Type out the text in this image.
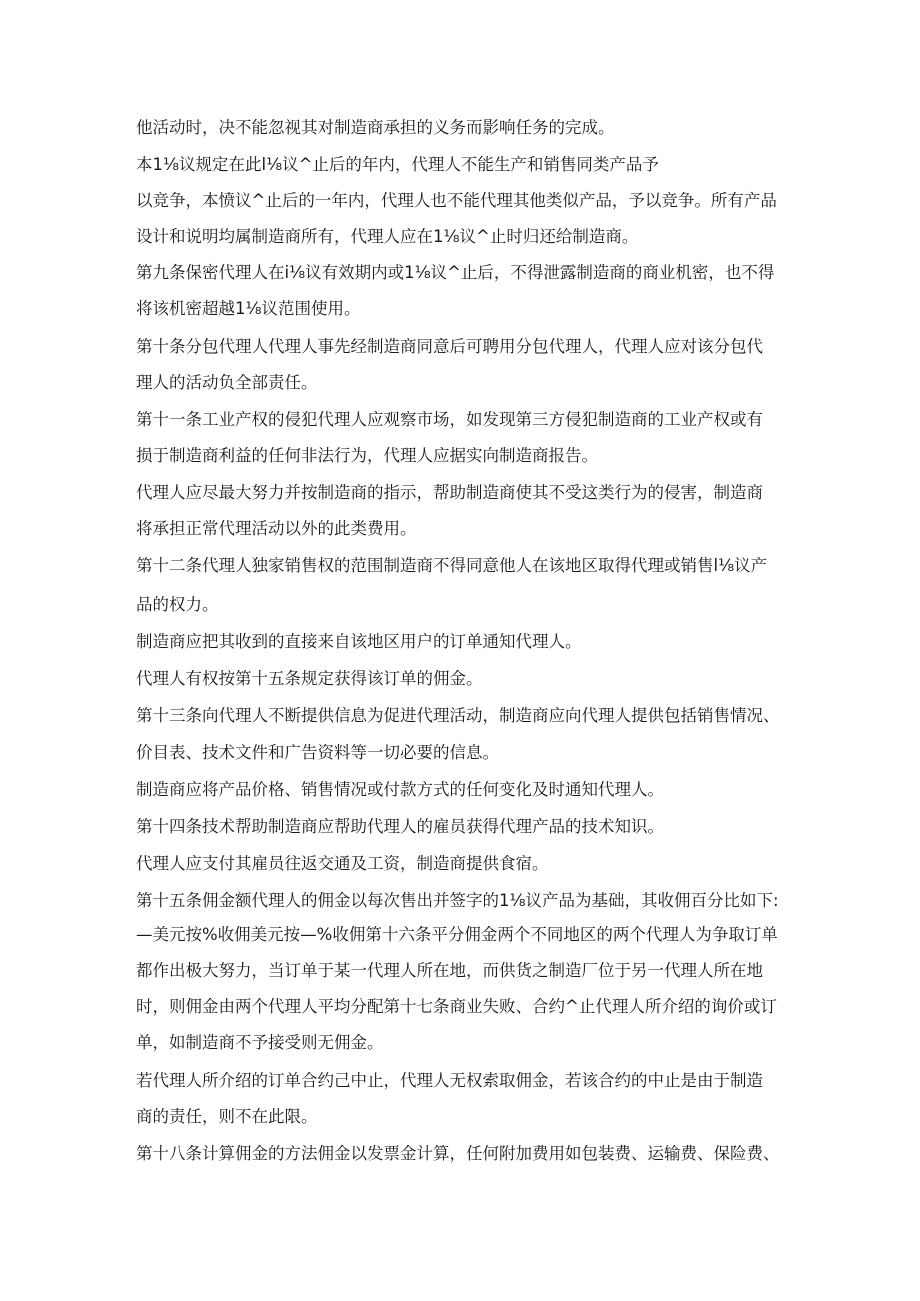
他活动时，决不能忽视其对制造商承担的义务而影响任务的完成。

本1⅛议规定在此l⅛议^止后的年内，代理人不能生产和销售同类产品予

以竞争，本愤议^止后的一年内，代理人也不能代理其他类似产品，予以竞争。所有产品

设计和说明均属制造商所有，代理人应在1⅛议^止时归还给制造商。

第九条保密代理人在i⅛议有效期内或1⅛议^止后，不得泄露制造商的商业机密，也不得

将该机密超越1⅛议范围使用。

第十条分包代理人代理人事先经制造商同意后可聘用分包代理人，代理人应对该分包代

理人的活动负全部责任。

第十一条工业产权的侵犯代理人应观察市场，如发现第三方侵犯制造商的工业产权或有

损于制造商利益的任何非法行为，代理人应据实向制造商报告。

代理人应尽最大努力并按制造商的指示，帮助制造商使其不受这类行为的侵害，制造商

将承担正常代理活动以外的此类费用。

第十二条代理人独家销售权的范围制造商不得同意他人在该地区取得代理或销售l⅛议产

品的权力。

制造商应把其收到的直接来自该地区用户的订单通知代理人。

代理人有权按第十五条规定获得该订单的佣金。

第十三条向代理人不断提供信息为促进代理活动，制造商应向代理人提供包括销售情况、

价目表、技术文件和广告资料等一切必要的信息。

制造商应将产品价格、销售情况或付款方式的任何变化及时通知代理人。

第十四条技术帮助制造商应帮助代理人的雇员获得代理产品的技术知识。

代理人应支付其雇员往返交通及工资，制造商提供食宿。

第十五条佣金额代理人的佣金以每次售出并签字的1⅛议产品为基础，其收佣百分比如下:

—美元按%收佣美元按—%收佣第十六条平分佣金两个不同地区的两个代理人为争取订单

都作出极大努力，当订单于某一代理人所在地，而供货之制造厂位于另一代理人所在地

时，则佣金由两个代理人平均分配第十七条商业失败、合约^止代理人所介绍的询价或订

单，如制造商不予接受则无佣金。

若代理人所介绍的订单合约己中止，代理人无权索取佣金，若该合约的中止是由于制造

商的责任，则不在此限。

第十八条计算佣金的方法佣金以发票金计算，任何附加费用如包装费、运输费、保险费、
